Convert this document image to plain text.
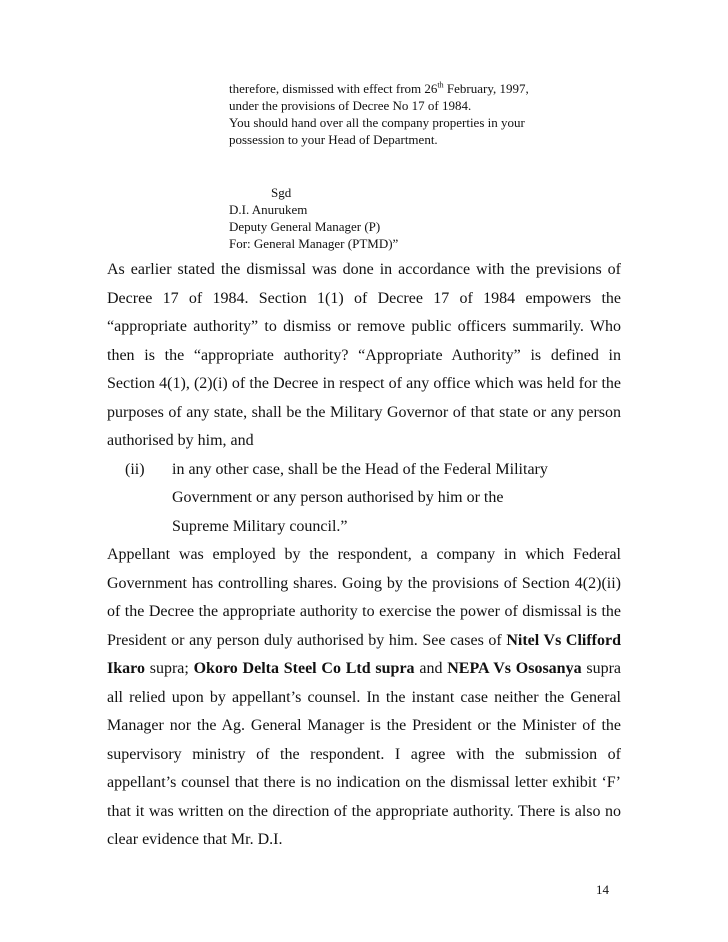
therefore, dismissed with effect from 26th February, 1997,
under the provisions of Decree No 17 of 1984.
You should hand over all the company properties in your
possession to your Head of Department.
Sgd
D.I. Anurukem
Deputy General Manager (P)
For: General Manager (PTMD)”

As earlier stated the dismissal was done in accordance with the previsions of Decree 17 of 1984. Section 1(1) of Decree 17 of 1984 empowers the “appropriate authority” to dismiss or remove public officers summarily. Who then is the “appropriate authority? “Appropriate Authority” is defined in Section 4(1), (2)(i) of the Decree in respect of any office which was held for the purposes of any state, shall be the Military Governor of that state or any person authorised by him, and

(ii) in any other case, shall be the Head of the Federal Military
Government or any person authorised by him or the
Supreme Military council.”

Appellant was employed by the respondent, a company in which Federal Government has controlling shares. Going by the provisions of Section 4(2)(ii) of the Decree the appropriate authority to exercise the power of dismissal is the President or any person duly authorised by him. See cases of Nitel Vs Clifford Ikaro supra; Okoro Delta Steel Co Ltd supra and NEPA Vs Ososanya supra all relied upon by appellant’s counsel. In the instant case neither the General Manager nor the Ag. General Manager is the President or the Minister of the supervisory ministry of the respondent. I agree with the submission of appellant’s counsel that there is no indication on the dismissal letter exhibit ‘F’ that it was written on the direction of the appropriate authority. There is also no clear evidence that Mr. D.I.

14
